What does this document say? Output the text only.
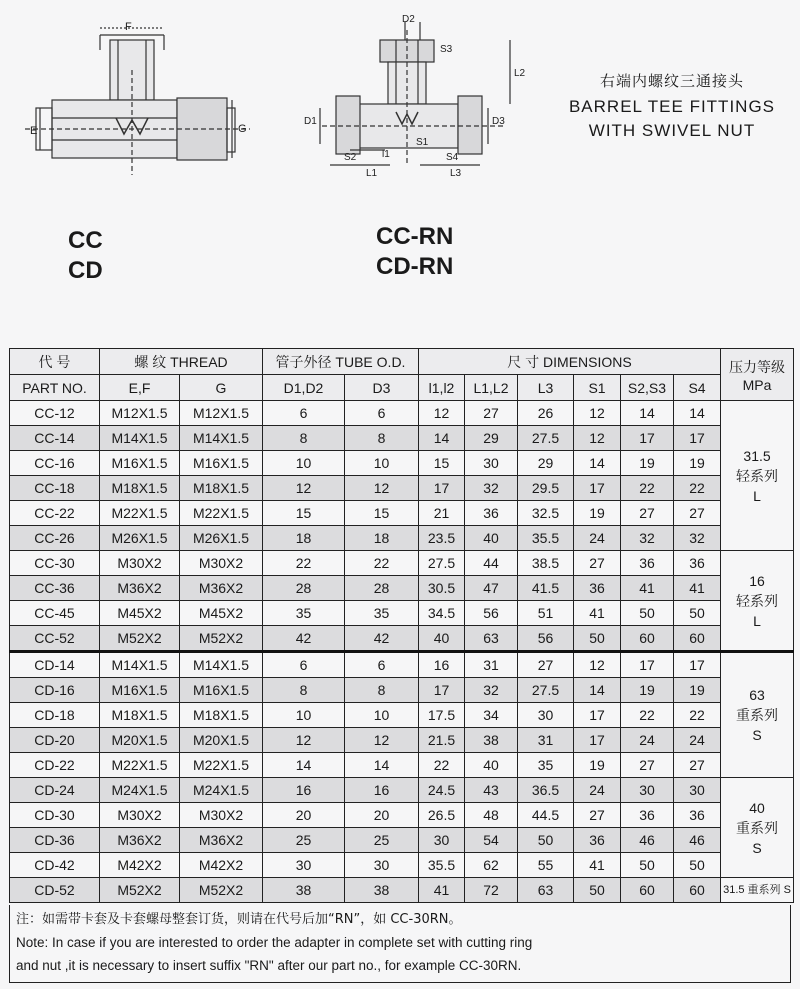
F
E	G
D2
S3
L2
D1	D3
S2	l1
S1
S4
L1	L3
右端内螺纹三通接头
BARREL TEE FITTINGS
WITH SWIVEL NUT
CC
CD
CC-RN
CD-RN
代 号	螺 纹 THREAD		管子外径 TUBE O.D.		尺 寸 DIMENSIONS						压力等级
MPa

PART NO.	E,F	G	D1,D2	D3	l1,l2	L1,L2	L3	S1	S2,S3	S4	
CC-12	M12X1.5	M12X1.5	6	6	12	27	26	12	14	14	31.5
轻系列
L

CC-14	M14X1.5	M14X1.5	8	8	14	29	27.5	12	17	17	
CC-16	M16X1.5	M16X1.5	10	10	15	30	29	14	19	19	
CC-18	M18X1.5	M18X1.5	12	12	17	32	29.5	17	22	22	
CC-22	M22X1.5	M22X1.5	15	15	21	36	32.5	19	27	27	
CC-26	M26X1.5	M26X1.5	18	18	23.5	40	35.5	24	32	32	
CC-30	M30X2	M30X2	22	22	27.5	44	38.5	27	36	36	16
轻系列
L

CC-36	M36X2	M36X2	28	28	30.5	47	41.5	36	41	41	
CC-45	M45X2	M45X2	35	35	34.5	56	51	41	50	50	
CC-52	M52X2	M52X2	42	42	40	63	56	50	60	60	
CD-14	M14X1.5	M14X1.5	6	6	16	31	27	12	17	17	63
重系列
S

CD-16	M16X1.5	M16X1.5	8	8	17	32	27.5	14	19	19	
CD-18	M18X1.5	M18X1.5	10	10	17.5	34	30	17	22	22	
CD-20	M20X1.5	M20X1.5	12	12	21.5	38	31	17	24	24	
CD-22	M22X1.5	M22X1.5	14	14	22	40	35	19	27	27	
CD-24	M24X1.5	M24X1.5	16	16	24.5	43	36.5	24	30	30	40
重系列
S

CD-30	M30X2	M30X2	20	20	26.5	48	44.5	27	36	36	
CD-36	M36X2	M36X2	25	25	30	54	50	36	46	46	
CD-42	M42X2	M42X2	30	30	35.5	62	55	41	50	50	
CD-52	M52X2	M52X2	38	38	41	72	63	50	60	60	31.5 重系列 S
注：如需带卡套及卡套螺母整套订货，则请在代号后加“RN”，如 CC-30RN。
Note: In case if you are interested to order the adapter in complete set with cutting ring
and nut ,it is necessary to insert suffix "RN" after our part no., for example CC-30RN.
